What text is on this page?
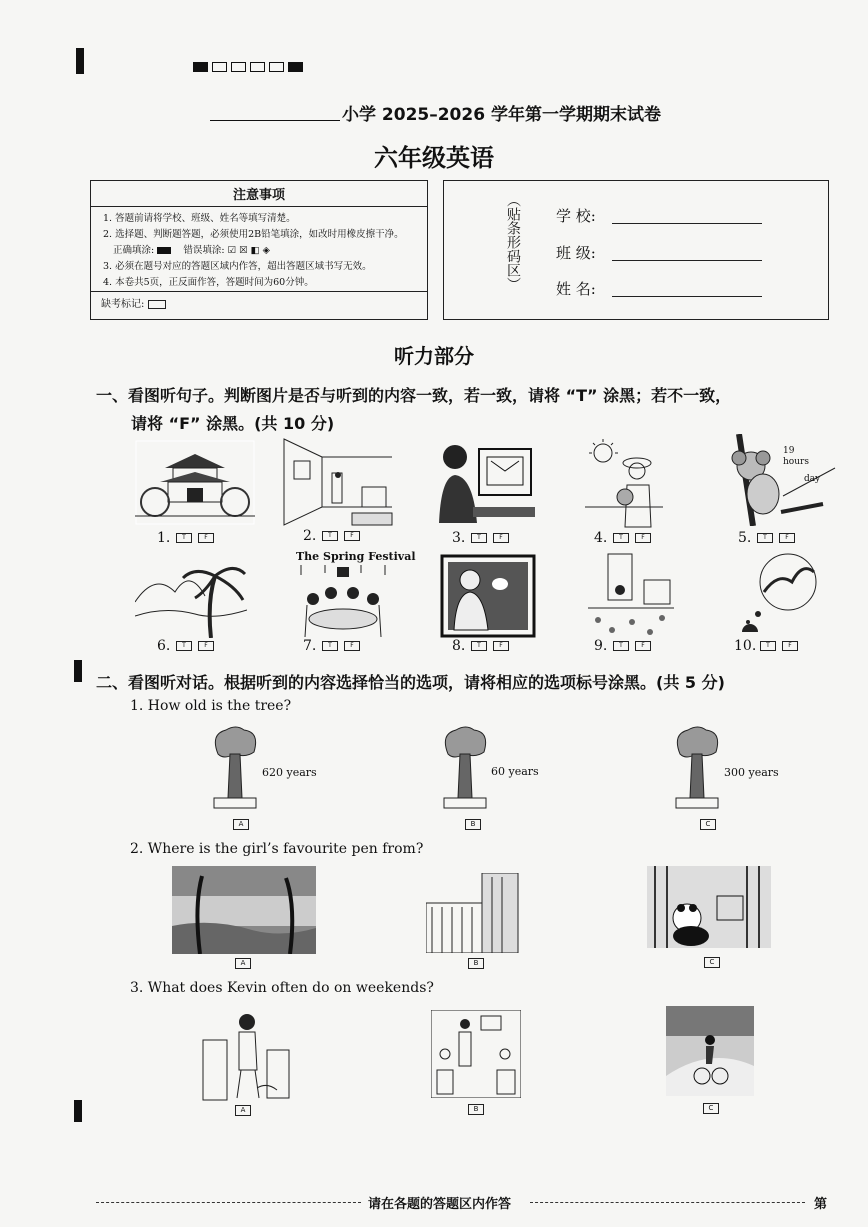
小学 2025–2026 学年第一学期期末试卷
六年级英语
注意事项

1. 答题前请将学校、班级、姓名等填写清楚。

2. 选择题、判断题答题，必须使用2B铅笔填涂，如改时用橡皮擦干净。

正确填涂:	错误填涂: ☑ ☒ ◧ ◈

3. 必须在题号对应的答题区域内作答，超出答题区域书写无效。

4. 本卷共5页，正反面作答，答题时间为60分钟。

缺考标记:
（贴条形码区） 学 校:
班 级:
姓 名:
听力部分
一、看图听句子。判断图片是否与听到的内容一致，若一致，请将 “T” 涂黑；若不一致，
请将 “F” 涂黑。(共 10 分)
19 hours
day
The Spring Festival
1.	T	F	2.	T	F	3.	T	F	4.	T	F	5.	T	F
6.	T	F	7.	T	F	8.	T	F	9.	T	F	10.	T	F
二、看图听对话。根据听到的内容选择恰当的选项，请将相应的选项标号涂黑。(共 5 分)
1. How old is the tree?
620 years	60 years	300 years
A	B	C
2. Where is the girl’s favourite pen from?
A	B	C
3. What does Kevin often do on weekends?
A	B	C
请在各题的答题区内作答	第
